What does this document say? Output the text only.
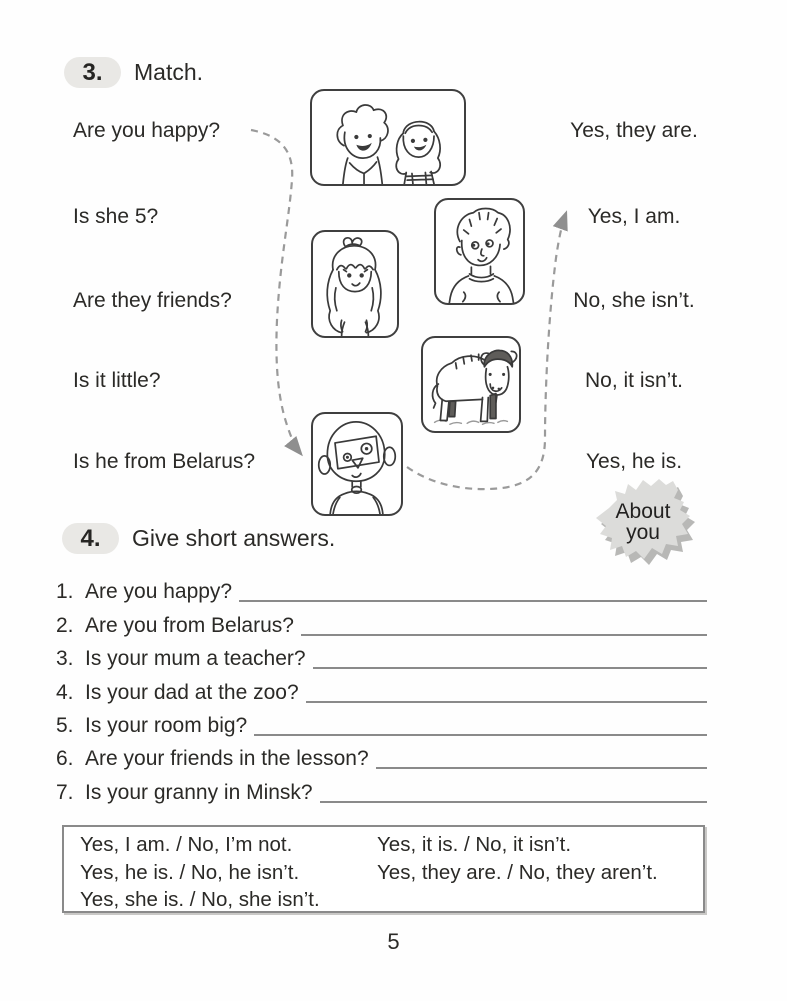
3.	Match.
Are you happy?
Is she 5?
Are they friends?
Is it little?
Is he from Belarus?
Yes, they are.
Yes, I am.
No, she isn’t.
No, it isn’t.
Yes, he is.
About
you
4.	Give short answers.
1. Are you happy?
2. Are you from Belarus?
3. Is your mum a teacher?
4. Is your dad at the zoo?
5. Is your room big?
6. Are your friends in the lesson?
7. Is your granny in Minsk?
Yes, I am. / No, I’m not.
Yes, he is. / No, he isn’t.
Yes, she is. / No, she isn’t.
Yes, it is. / No, it isn’t.
Yes, they are. / No, they aren’t.
5
